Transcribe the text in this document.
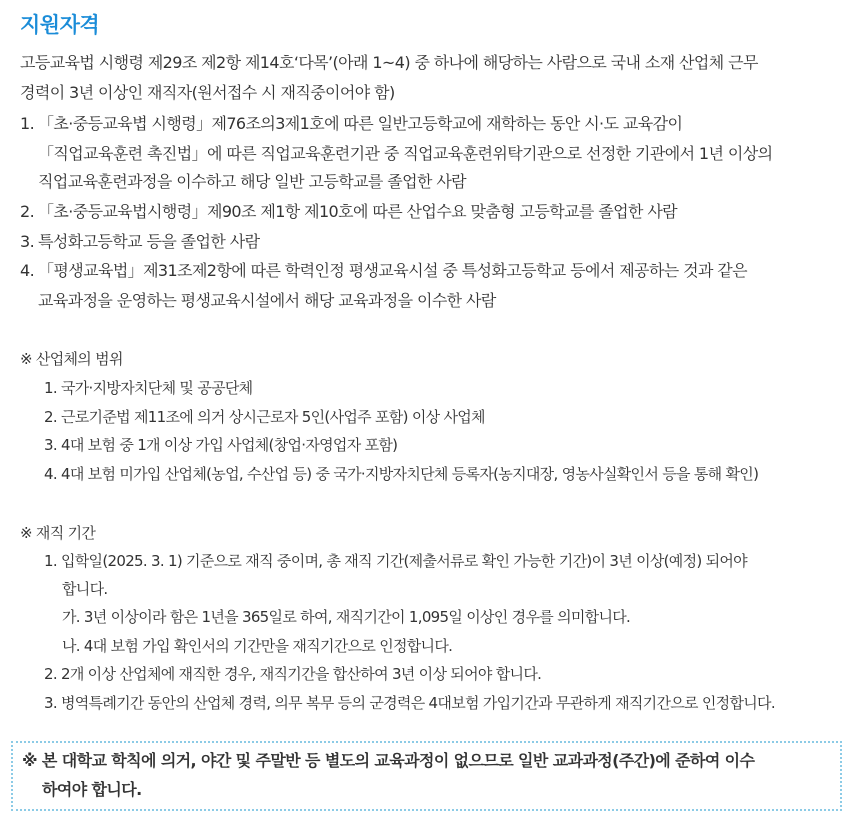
지원자격
고등교육법 시행령 제29조 제2항 제14호‘다목’(아래 1~4) 중 하나에 해당하는 사람으로 국내 소재 산업체 근무
경력이 3년 이상인 재직자(원서접수 시 재직중이어야 함)
1. 「초·중등교육볍 시행령」제76조의3제1호에 따른 일반고등학교에 재학하는 동안 시·도 교육감이
「직업교육훈련 촉진법」에 따른 직업교육훈련기관 중 직업교육훈련위탁기관으로 선정한 기관에서 1년 이상의
직업교육훈련과정을 이수하고 해당 일반 고등학교를 졸업한 사람
2. 「초·중등교육법시행령」제90조 제1항 제10호에 따른 산업수요 맞춤형 고등학교를 졸업한 사람
3. 특성화고등학교 등을 졸업한 사람
4. 「평생교육법」제31조제2항에 따른 학력인정 평생교육시설 중 특성화고등학교 등에서 제공하는 것과 같은
교육과정을 운영하는 평생교육시설에서 해당 교육과정을 이수한 사람
※ 산업체의 범위
1. 국가·지방자치단체 및 공공단체
2. 근로기준법 제11조에 의거 상시근로자 5인(사업주 포함) 이상 사업체
3. 4대 보험 중 1개 이상 가입 사업체(창업·자영업자 포함)
4. 4대 보험 미가입 산업체(농업, 수산업 등) 중 국가·지방자치단체 등록자(농지대장, 영농사실확인서 등을 통해 확인)
※ 재직 기간
1. 입학일(2025. 3. 1) 기준으로 재직 중이며, 총 재직 기간(제출서류로 확인 가능한 기간)이 3년 이상(예정) 되어야
합니다.
가. 3년 이상이라 함은 1년을 365일로 하여, 재직기간이 1,095일 이상인 경우를 의미합니다.
나. 4대 보험 가입 확인서의 기간만을 재직기간으로 인정합니다.
2. 2개 이상 산업체에 재직한 경우, 재직기간을 합산하여 3년 이상 되어야 합니다.
3. 병역특례기간 동안의 산업체 경력, 의무 복무 등의 군경력은 4대보험 가입기간과 무관하게 재직기간으로 인정합니다.
※ 본 대학교 학칙에 의거, 야간 및 주말반 등 별도의 교육과정이 없으므로 일반 교과과정(주간)에 준하여 이수
하여야 합니다.
